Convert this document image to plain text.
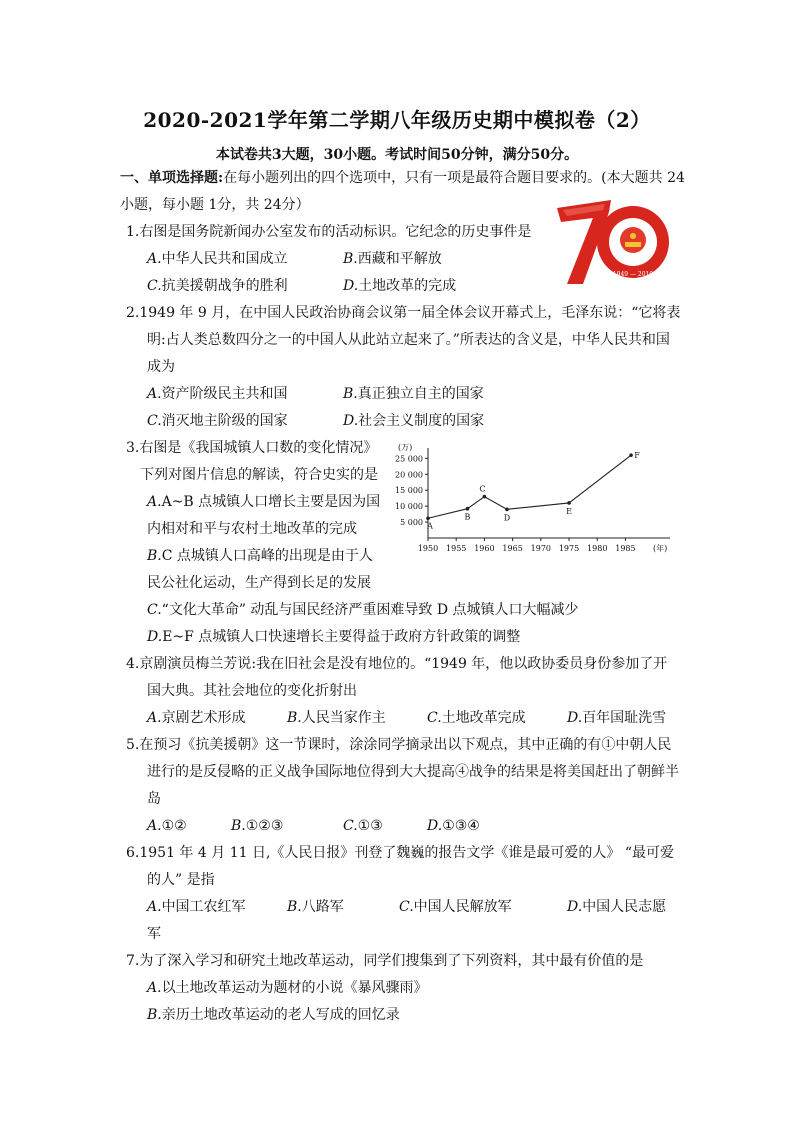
2020-2021学年第二学期八年级历史期中模拟卷（2）
本试卷共3大题，30小题。考试时间50分钟，满分50分。
一、单项选择题:在每小题列出的四个选项中，只有一项是最符合题目要求的。(本大题共 24
小题，每小题 1分，共 24分）
1.右图是国务院新闻办公室发布的活动标识。它纪念的历史事件是
A.中华人民共和国成立	B.西藏和平解放
C.抗美援朝战争的胜利	D.土地改革的完成
1949 — 2019
2.1949 年 9 月，在中国人民政治协商会议第一届全体会议开幕式上，毛泽东说：“它将表
明:占人类总数四分之一的中国人从此站立起来了。”所表达的含义是，中华人民共和国
成为
A.资产阶级民主共和国	B.真正独立自主的国家
C.消灭地主阶级的国家	D.社会主义制度的国家
3.右图是《我国城镇人口数的变化情况》
下列对图片信息的解读，符合史实的是
A.A~B 点城镇人口增长主要是因为国
内相对和平与农村土地改革的完成
B.C 点城镇人口高峰的出现是由于人
民公社化运动，生产得到长足的发展
C.“文化大革命” 动乱与国民经济严重困难导致 D 点城镇人口大幅减少
D.E~F 点城镇人口快速增长主要得益于政府方针政策的调整
5 000
10 000
15 000
20 000
25 000
1950 1955 1960 1965 1970 1975 1980 1985
(万)
(年)
A
B
C
D
E
F
4.京剧演员梅兰芳说:我在旧社会是没有地位的。“1949 年，他以政协委员身份参加了开
国大典。其社会地位的变化折射出
A.京剧艺术形成	B.人民当家作主	C.土地改革完成	D.百年国耻洗雪
5.在预习《抗美援朝》这一节课时，涂涂同学摘录出以下观点，其中正确的有①中朝人民
进行的是反侵略的正义战争国际地位得到大大提高④战争的结果是将美国赶出了朝鲜半
岛
A.①②	B.①②③	C.①③	D.①③④
6.1951 年 4 月 11 日,《人民日报》刊登了魏巍的报告文学《谁是最可爱的人》 “最可爱
的人” 是指
A.中国工农红军	B.八路军	C.中国人民解放军	D.中国人民志愿
军
7.为了深入学习和研究土地改革运动，同学们搜集到了下列资料，其中最有价值的是
A.以土地改革运动为题材的小说《暴风骤雨》
B.亲历土地改革运动的老人写成的回忆录
